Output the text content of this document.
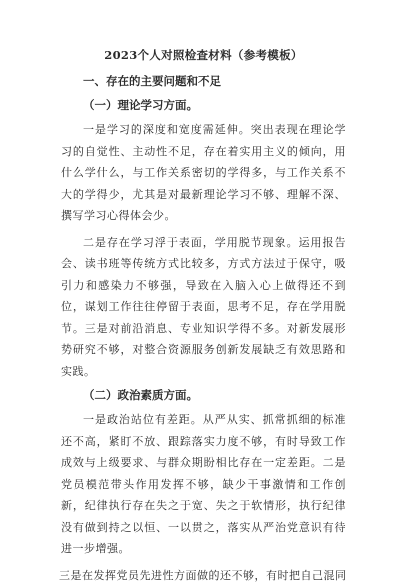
2023个人对照检查材料（参考模板）
一、存在的主要问题和不足
（一）理论学习方面。

一是学习的深度和宽度需延伸。突出表现在理论学习的自觉性、主动性不足，存在着实用主义的倾向，用什么学什么，与工作关系密切的学得多，与工作关系不大的学得少，尤其是对最新理论学习不够、理解不深、撰写学习心得体会少。

二是存在学习浮于表面，学用脱节现象。运用报告会、读书班等传统方式比较多，方式方法过于保守，吸引力和感染力不够强，导致在入脑入心上做得还不到位，谋划工作往往停留于表面，思考不足，存在学用脱节。三是对前沿消息、专业知识学得不多。对新发展形势研究不够，对整合资源服务创新发展缺乏有效思路和实践。

（二）政治素质方面。

一是政治站位有差距。从严从实、抓常抓细的标准还不高，紧盯不放、跟踪落实力度不够，有时导致工作成效与上级要求、与群众期盼相比存在一定差距。二是党员模范带头作用发挥不够，缺少干事激情和工作创新，纪律执行存在失之于宽、失之于软情形，执行纪律没有做到持之以恒、一以贯之，落实从严治党意识有待进一步增强。

三是在发挥党员先进性方面做的还不够，有时把自己混同
